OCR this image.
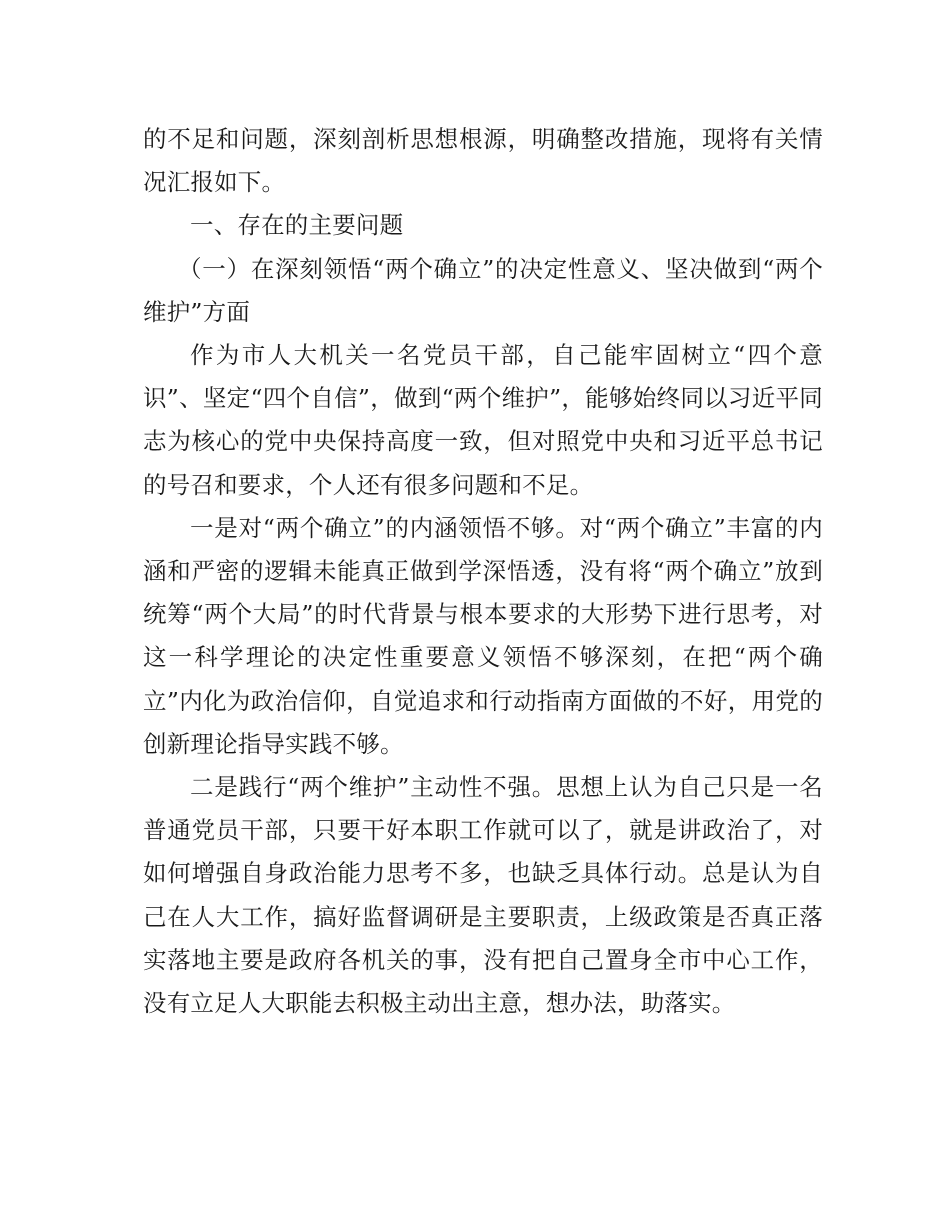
的不足和问题，深刻剖析思想根源，明确整改措施，现将有关情况汇报如下。

一、存在的主要问题

（一）在深刻领悟“两个确立”的决定性意义、坚决做到“两个维护”方面

作为市人大机关一名党员干部，自己能牢固树立“四个意识”、坚定“四个自信”，做到“两个维护”，能够始终同以习近平同志为核心的党中央保持高度一致，但对照党中央和习近平总书记的号召和要求，个人还有很多问题和不足。

一是对“两个确立”的内涵领悟不够。对“两个确立”丰富的内涵和严密的逻辑未能真正做到学深悟透，没有将“两个确立”放到统筹“两个大局”的时代背景与根本要求的大形势下进行思考，对这一科学理论的决定性重要意义领悟不够深刻，在把“两个确立”内化为政治信仰，自觉追求和行动指南方面做的不好，用党的创新理论指导实践不够。

二是践行“两个维护”主动性不强。思想上认为自己只是一名普通党员干部，只要干好本职工作就可以了，就是讲政治了，对如何增强自身政治能力思考不多，也缺乏具体行动。总是认为自己在人大工作，搞好监督调研是主要职责，上级政策是否真正落实落地主要是政府各机关的事，没有把自己置身全市中心工作，没有立足人大职能去积极主动出主意，想办法，助落实。
